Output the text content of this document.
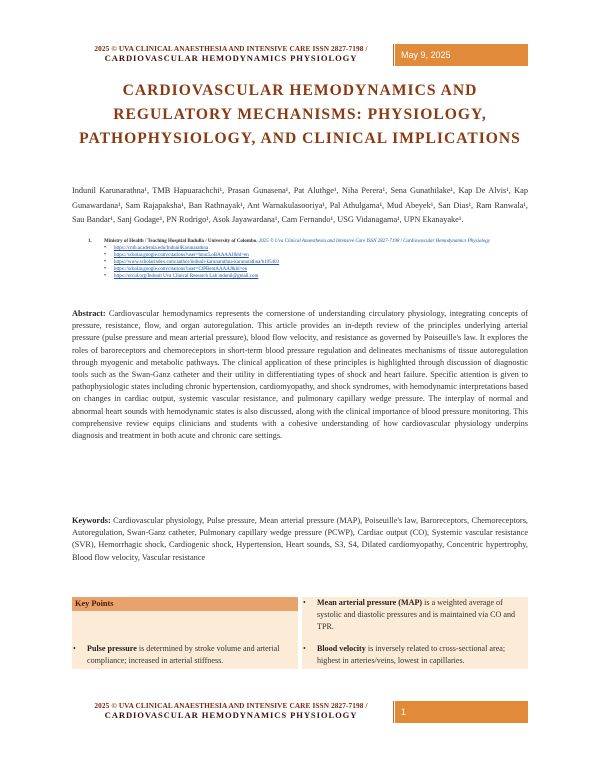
2025 © UVA CLINICAL ANAESTHESIA AND INTENSIVE CARE ISSN 2827-7198 /
CARDIOVASCULAR HEMODYNAMICS PHYSIOLOGY	May 9, 2025
CARDIOVASCULAR HEMODYNAMICS AND REGULATORY MECHANISMS: PHYSIOLOGY, PATHOPHYSIOLOGY, AND CLINICAL IMPLICATIONS
Indunil Karunarathna¹, TMB Hapuarachchi¹, Prasan Gunasena¹, Pat Aluthge¹, Niha Perera¹, Sena Gunathilake¹, Kap De Alvis¹, Kap Gunawardana¹, Sam Rajapaksha¹, Ban Rathnayak¹, Ant Warnakulasooriya¹, Pal Athulgama¹, Mud Abeyek¹, San Dias¹, Ram Ranwala¹, Sau Bandar¹, Sanj Godage¹, PN Rodrigo¹, Asok Jayawardana¹, Cam Fernando¹, USG Vidanagama¹, UPN Ekanayake¹.
1. Ministry of Health / Teaching Hospital Badulla / University of Colombo. 2025 © Uva Clinical Anaesthesia and Intensive Care ISSN 2827-7198 / Cardiovascular Hemodynamics Physiology
• https://cmb.academia.edu/IndunilKarunarathna
• https://scholar.google.com/citations?user=hnucLoBAAAAJ&hl=en
• https://www.scholarindex.com/author/indunil-karunarathna-karunarathna/b105403
• https://scholar.google.com/citations?user=CtPBentAAAAJ&hl=en
• https://orcid.org/Indunil Uva Clinical Research Lab indunil@gmail.com
Abstract: Cardiovascular hemodynamics represents the cornerstone of understanding circulatory physiology, integrating concepts of pressure, resistance, flow, and organ autoregulation. This article provides an in-depth review of the principles underlying arterial pressure (pulse pressure and mean arterial pressure), blood flow velocity, and resistance as governed by Poiseuille's law. It explores the roles of baroreceptors and chemoreceptors in short-term blood pressure regulation and delineates mechanisms of tissue autoregulation through myogenic and metabolic pathways. The clinical application of these principles is highlighted through discussion of diagnostic tools such as the Swan-Ganz catheter and their utility in differentiating types of shock and heart failure. Specific attention is given to pathophysiologic states including chronic hypertension, cardiomyopathy, and shock syndromes, with hemodynamic interpretations based on changes in cardiac output, systemic vascular resistance, and pulmonary capillary wedge pressure. The interplay of normal and abnormal heart sounds with hemodynamic states is also discussed, along with the clinical importance of blood pressure monitoring. This comprehensive review equips clinicians and students with a cohesive understanding of how cardiovascular physiology underpins diagnosis and treatment in both acute and chronic care settings.
Keywords: Cardiovascular physiology, Pulse pressure, Mean arterial pressure (MAP), Poiseuille's law, Baroreceptors, Chemoreceptors, Autoregulation, Swan-Ganz catheter, Pulmonary capillary wedge pressure (PCWP), Cardiac output (CO), Systemic vascular resistance (SVR), Hemorrhagic shock, Cardiogenic shock, Hypertension, Heart sounds, S3, S4, Dilated cardiomyopathy, Concentric hypertrophy, Blood flow velocity, Vascular resistance
Key Points
• Pulse pressure is determined by stroke volume and arterial compliance; increased in arterial stiffness.
• Mean arterial pressure (MAP) is a weighted average of systolic and diastolic pressures and is maintained via CO and TPR.
• Blood velocity is inversely related to cross-sectional area; highest in arteries/veins, lowest in capillaries.
2025 © UVA CLINICAL ANAESTHESIA AND INTENSIVE CARE ISSN 2827-7198 /
CARDIOVASCULAR HEMODYNAMICS PHYSIOLOGY	1
